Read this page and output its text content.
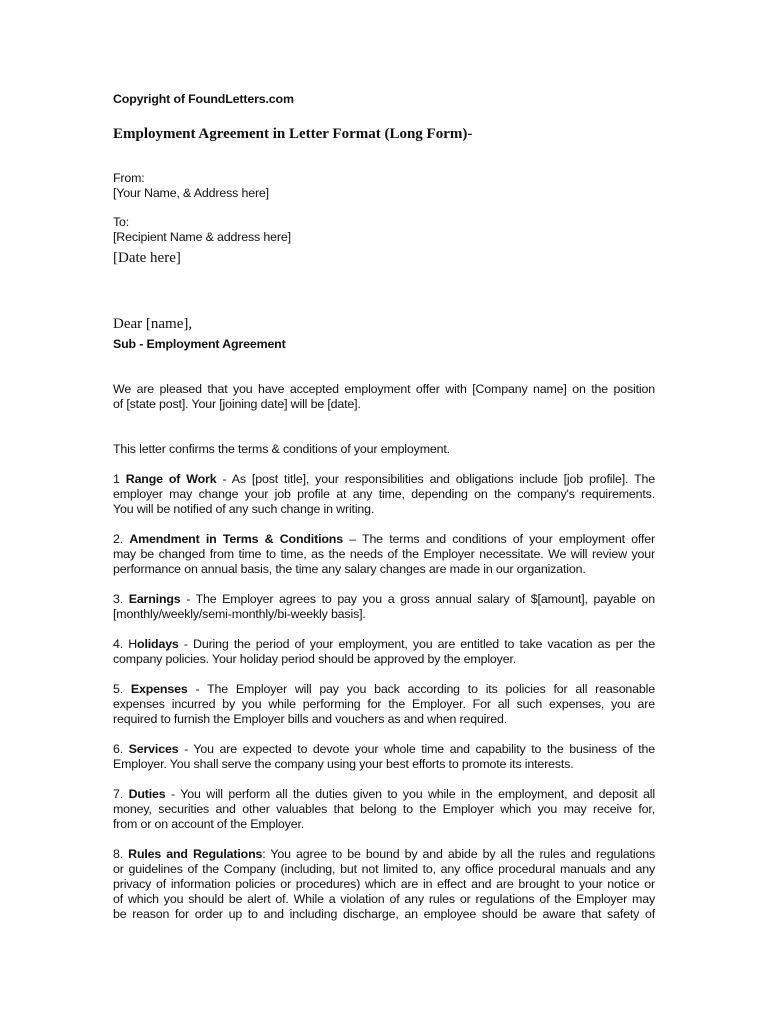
Copyright of FoundLetters.com

Employment Agreement in Letter Format (Long Form)-

From:
[Your Name, & Address here]
To:
[Recipient Name & address here]
[Date here]
Dear [name],
Sub - Employment Agreement
We are pleased that you have accepted employment offer with [Company name] on the position
of [state post]. Your [joining date] will be [date].
This letter confirms the terms & conditions of your employment.
1 Range of Work - As [post title], your responsibilities and obligations include [job profile]. The
employer may change your job profile at any time, depending on the company's requirements.
You will be notified of any such change in writing.
2. Amendment in Terms & Conditions – The terms and conditions of your employment offer
may be changed from time to time, as the needs of the Employer necessitate. We will review your
performance on annual basis, the time any salary changes are made in our organization.
3. Earnings - The Employer agrees to pay you a gross annual salary of $[amount], payable on
[monthly/weekly/semi-monthly/bi-weekly basis].
4. Holidays - During the period of your employment, you are entitled to take vacation as per the
company policies. Your holiday period should be approved by the employer.
5. Expenses - The Employer will pay you back according to its policies for all reasonable
expenses incurred by you while performing for the Employer. For all such expenses, you are
required to furnish the Employer bills and vouchers as and when required.
6. Services - You are expected to devote your whole time and capability to the business of the
Employer. You shall serve the company using your best efforts to promote its interests.
7. Duties - You will perform all the duties given to you while in the employment, and deposit all
money, securities and other valuables that belong to the Employer which you may receive for,
from or on account of the Employer.
8. Rules and Regulations: You agree to be bound by and abide by all the rules and regulations
or guidelines of the Company (including, but not limited to, any office procedural manuals and any
privacy of information policies or procedures) which are in effect and are brought to your notice or
of which you should be alert of. While a violation of any rules or regulations of the Employer may
be reason for order up to and including discharge, an employee should be aware that safety of
